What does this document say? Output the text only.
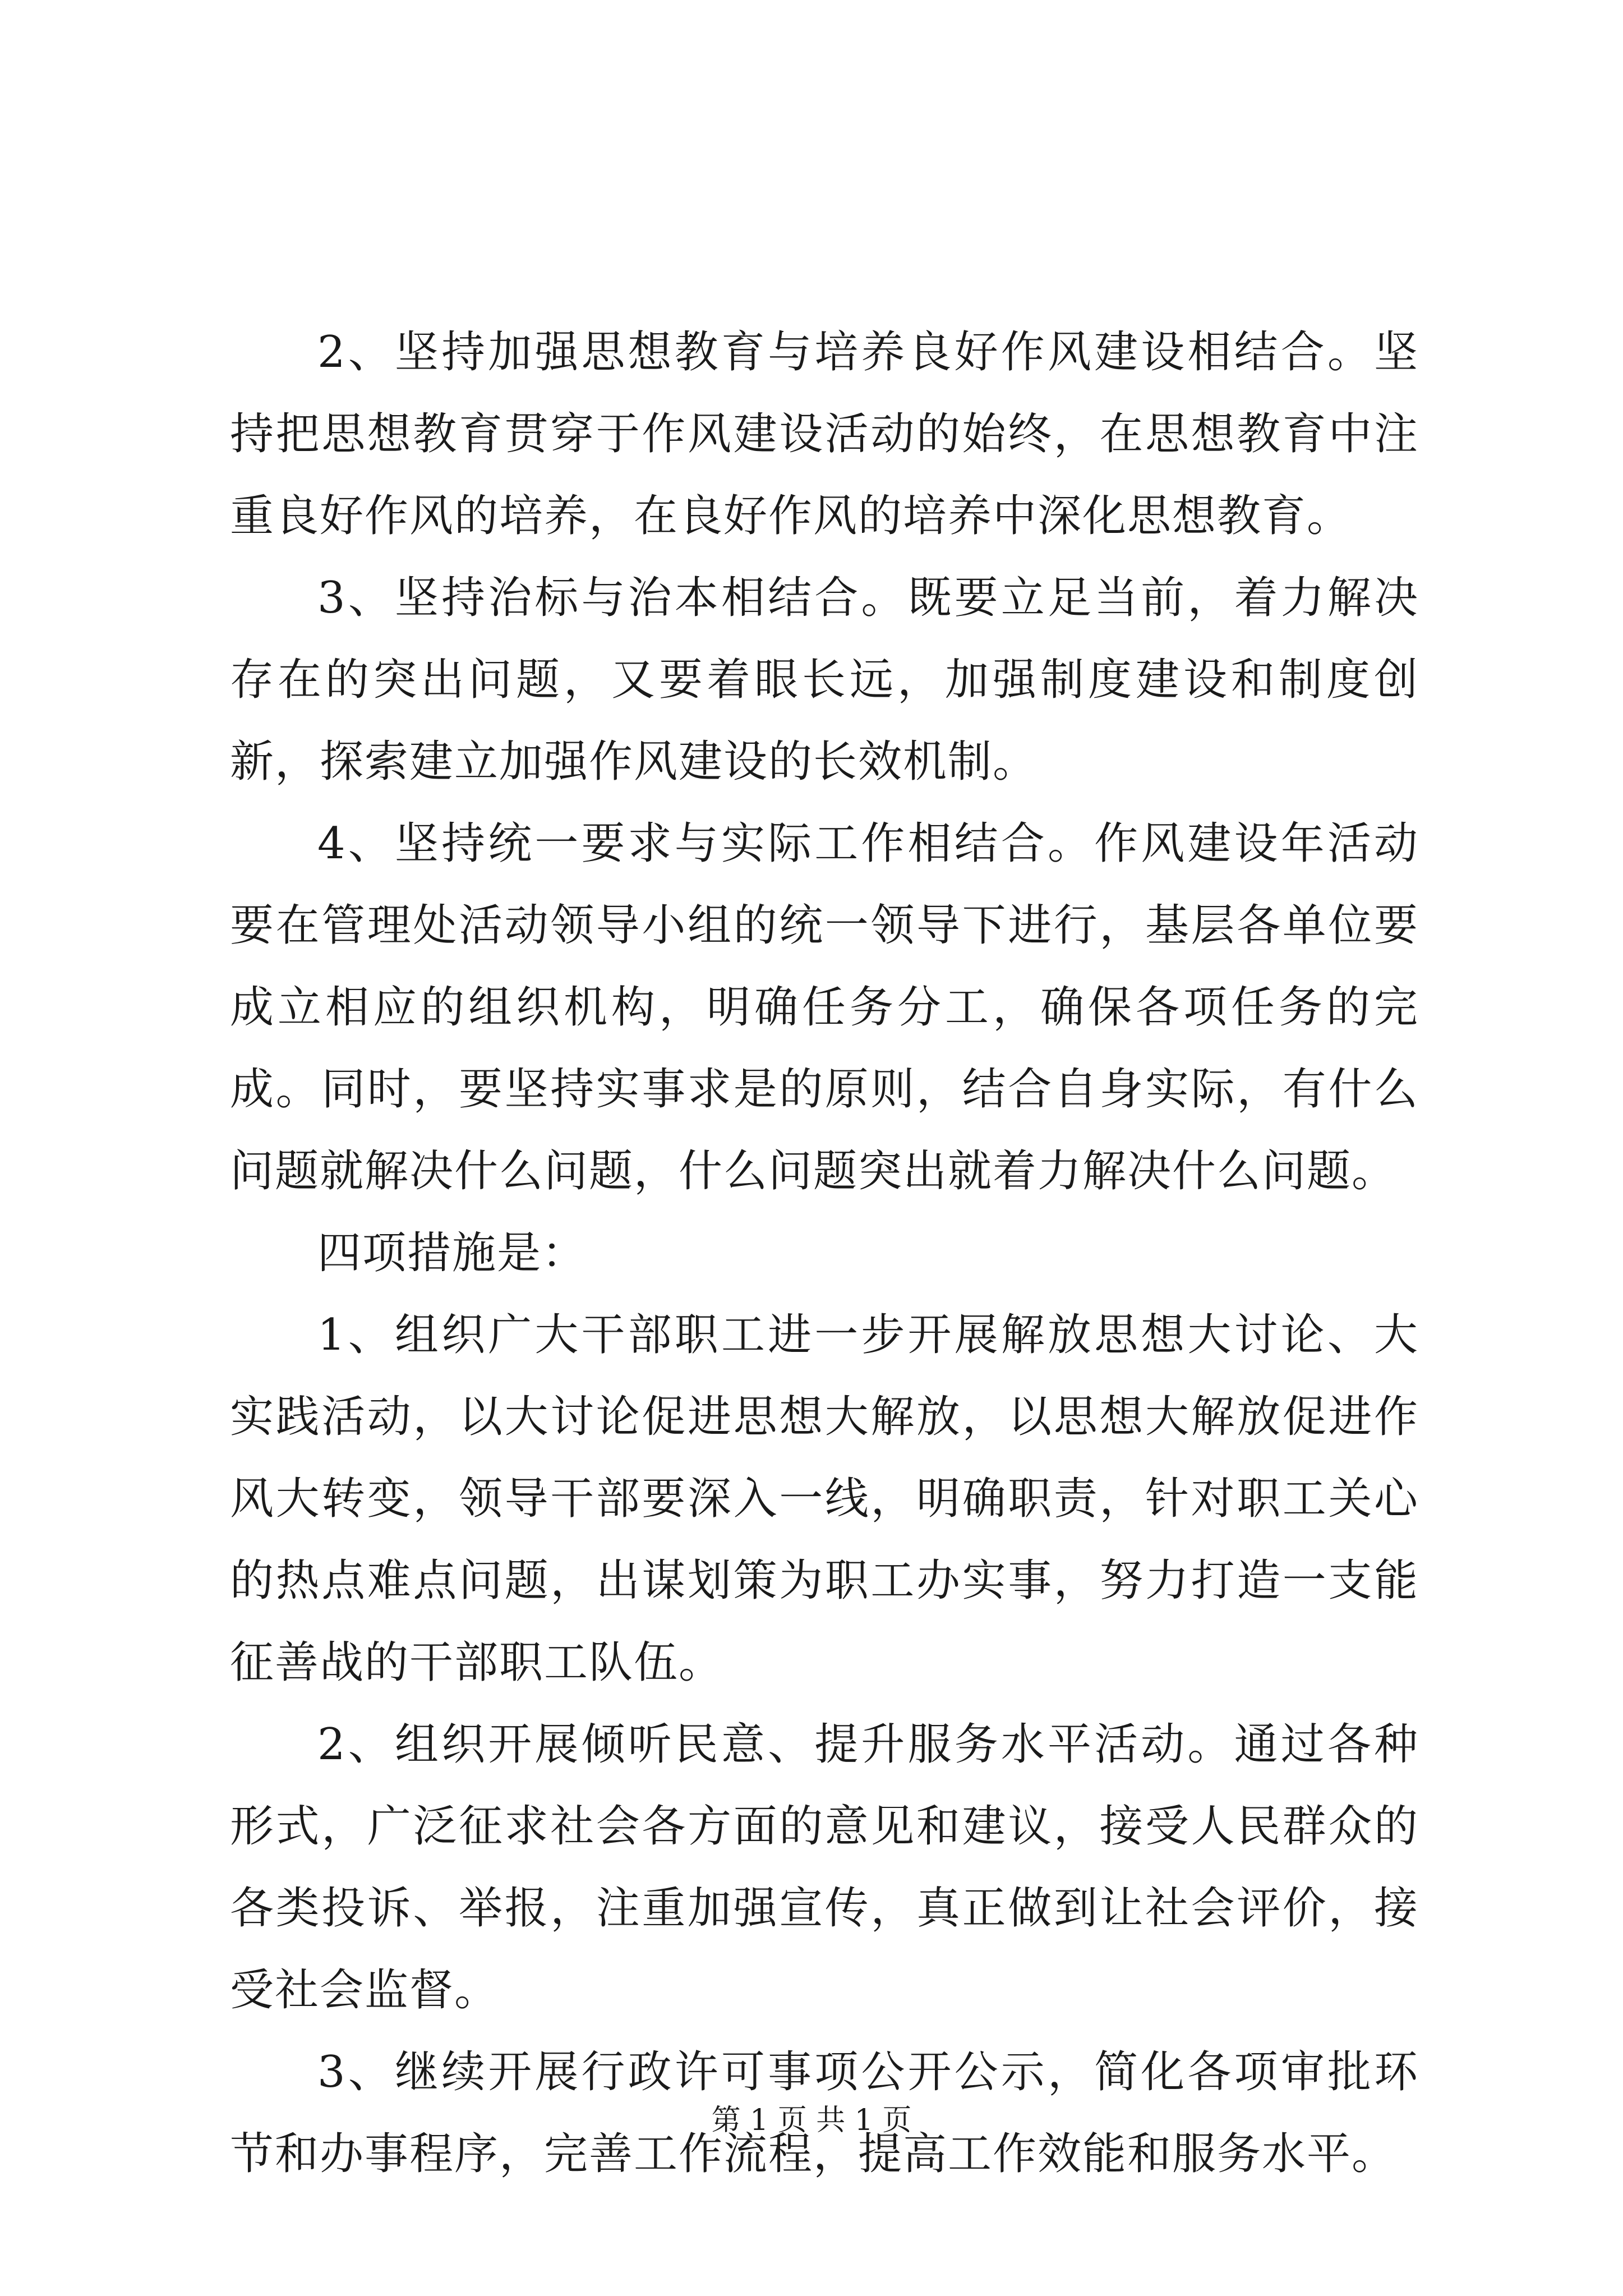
2、坚持加强思想教育与培养良好作风建设相结合。坚持把思想教育贯穿于作风建设活动的始终，在思想教育中注重良好作风的培养，在良好作风的培养中深化思想教育。

3、坚持治标与治本相结合。既要立足当前，着力解决存在的突出问题，又要着眼长远，加强制度建设和制度创新，探索建立加强作风建设的长效机制。

4、坚持统一要求与实际工作相结合。作风建设年活动要在管理处活动领导小组的统一领导下进行，基层各单位要成立相应的组织机构，明确任务分工，确保各项任务的完成。同时，要坚持实事求是的原则，结合自身实际，有什么问题就解决什么问题，什么问题突出就着力解决什么问题。

四项措施是：

1、组织广大干部职工进一步开展解放思想大讨论、大实践活动，以大讨论促进思想大解放，以思想大解放促进作风大转变，领导干部要深入一线，明确职责，针对职工关心的热点难点问题，出谋划策为职工办实事，努力打造一支能征善战的干部职工队伍。

2、组织开展倾听民意、提升服务水平活动。通过各种形式，广泛征求社会各方面的意见和建议，接受人民群众的各类投诉、举报，注重加强宣传，真正做到让社会评价，接受社会监督。

3、继续开展行政许可事项公开公示，简化各项审批环节和办事程序，完善工作流程，提高工作效能和服务水平。

第 1 页 共 1 页
